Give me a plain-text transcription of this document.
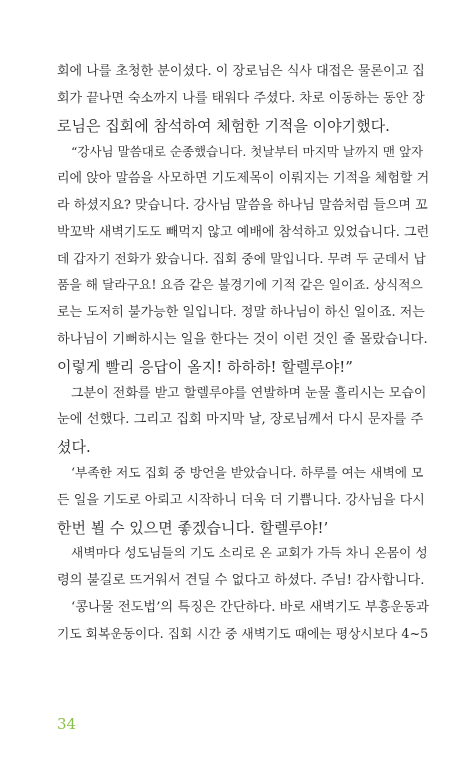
회에 나를 초청한 분이셨다. 이 장로님은 식사 대접은 물론이고 집
회가 끝나면 숙소까지 나를 태워다 주셨다. 차로 이동하는 동안 장
로님은 집회에 참석하여 체험한 기적을 이야기했다.
“강사님 말씀대로 순종했습니다. 첫날부터 마지막 날까지 맨 앞자
리에 앉아 말씀을 사모하면 기도제목이 이뤄지는 기적을 체험할 거
라 하셨지요? 맞습니다. 강사님 말씀을 하나님 말씀처럼 들으며 꼬
박꼬박 새벽기도도 빼먹지 않고 예배에 참석하고 있었습니다. 그런
데 갑자기 전화가 왔습니다. 집회 중에 말입니다. 무려 두 군데서 납
품을 해 달라구요! 요즘 같은 불경기에 기적 같은 일이죠. 상식적으
로는 도저히 불가능한 일입니다. 정말 하나님이 하신 일이죠. 저는
하나님이 기뻐하시는 일을 한다는 것이 이런 것인 줄 몰랐습니다.
이렇게 빨리 응답이 올지! 하하하! 할렐루야!”
그분이 전화를 받고 할렐루야를 연발하며 눈물 흘리시는 모습이
눈에 선했다. 그리고 집회 마지막 날, 장로님께서 다시 문자를 주
셨다.
‘부족한 저도 집회 중 방언을 받았습니다. 하루를 여는 새벽에 모
든 일을 기도로 아뢰고 시작하니 더욱 더 기쁩니다. 강사님을 다시
한번 뵐 수 있으면 좋겠습니다. 할렐루야!’
새벽마다 성도님들의 기도 소리로 온 교회가 가득 차니 온몸이 성
령의 불길로 뜨거워서 견딜 수 없다고 하셨다. 주님! 감사합니다.
‘콩나물 전도법’의 특징은 간단하다. 바로 새벽기도 부흥운동과
기도 회복운동이다. 집회 시간 중 새벽기도 때에는 평상시보다 4~5
34
